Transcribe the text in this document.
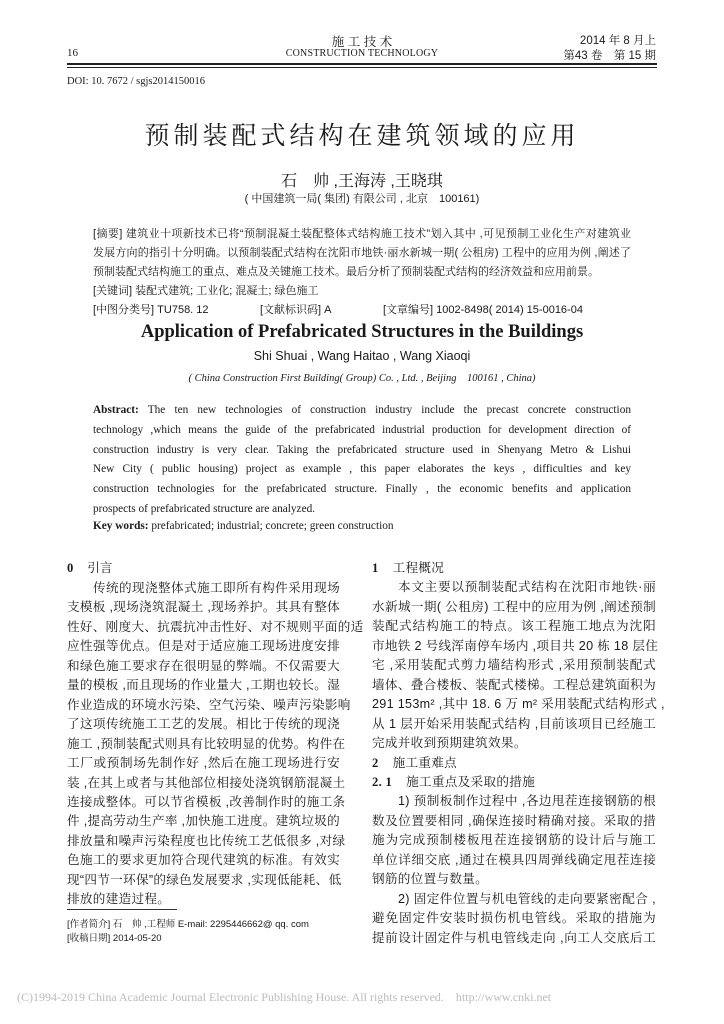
施 工 技 术
16	CONSTRUCTION TECHNOLOGY
2014 年 8 月上
第43 卷　第 15 期
DOI: 10. 7672 / sgjs2014150016
预制装配式结构在建筑领域的应用
石　帅 ,王海涛 ,王晓琪
( 中国建筑一局( 集团) 有限公司 , 北京　100161)
[摘要] 建筑业十项新技术已将“预制混凝土装配整体式结构施工技术”划入其中 ,可见预制工业化生产对建筑业
发展方向的指引十分明确。以预制装配式结构在沈阳市地铁·丽水新城一期( 公租房) 工程中的应用为例 ,阐述了
预制装配式结构施工的重点、难点及关键施工技术。最后分析了预制装配式结构的经济效益和应用前景。
[关键词] 装配式建筑; 工业化; 混凝土; 绿色施工
[中图分类号] TU758. 12	[文献标识码] A	[文章编号] 1002-8498( 2014) 15-0016-04
Application of Prefabricated Structures in the Buildings
Shi Shuai , Wang Haitao , Wang Xiaoqi
( China Construction First Building( Group) Co. , Ltd. , Beijing　100161 , China)
Abstract: The ten new technologies of construction industry include the precast concrete construction
technology ,which means the guide of the prefabricated industrial production for development direction of
construction industry is very clear. Taking the prefabricated structure used in Shenyang Metro & Lishui
New City ( public housing) project as example , this paper elaborates the keys , difficulties and key
construction technologies for the prefabricated structure. Finally , the economic benefits and application
prospects of prefabricated structure are analyzed.
Key words: prefabricated; industrial; concrete; green construction
0 引言
传统的现浇整体式施工即所有构件采用现场
支模板 ,现场浇筑混凝土 ,现场养护。其具有整体
性好、刚度大、抗震抗冲击性好、对不规则平面的适
应性强等优点。但是对于适应施工现场进度安排
和绿色施工要求存在很明显的弊端。不仅需要大
量的模板 ,而且现场的作业量大 ,工期也较长。湿
作业造成的环境水污染、空气污染、噪声污染影响
了这项传统施工工艺的发展。相比于传统的现浇
施工 ,预制装配式则具有比较明显的优势。构件在
工厂或预制场先制作好 ,然后在施工现场进行安
装 ,在其上或者与其他部位相接处浇筑钢筋混凝土
连接成整体。可以节省模板 ,改善制作时的施工条
件 ,提高劳动生产率 ,加快施工进度。建筑垃圾的
排放量和噪声污染程度也比传统工艺低很多 ,对绿
色施工的要求更加符合现代建筑的标准。有效实
现“四节一环保”的绿色发展要求 ,实现低能耗、低
排放的建造过程。
[作者简介] 石　帅 ,工程师 E-mail: 2295446662@ qq. com
[收稿日期] 2014-05-20
1 工程概况
本文主要以预制装配式结构在沈阳市地铁·丽
水新城一期( 公租房) 工程中的应用为例 ,阐述预制
装配式结构施工的特点。该工程施工地点为沈阳
市地铁 2 号线浑南停车场内 ,项目共 20 栋 18 层住
宅 ,采用装配式剪力墙结构形式 ,采用预制装配式
墙体、叠合楼板、装配式楼梯。工程总建筑面积为
291 153m² ,其中 18. 6 万 m² 采用装配式结构形式 ,
从 1 层开始采用装配式结构 ,目前该项目已经施工
完成并收到预期建筑效果。
2 施工重难点
2. 1 施工重点及采取的措施
1) 预制板制作过程中 ,各边甩茬连接钢筋的根
数及位置要相同 ,确保连接时精确对接。采取的措
施为完成预制楼板甩茬连接钢筋的设计后与施工
单位详细交底 ,通过在模具四周弹线确定甩茬连接
钢筋的位置与数量。
2) 固定件位置与机电管线的走向要紧密配合 ,
避免固定件安装时损伤机电管线。采取的措施为
提前设计固定件与机电管线走向 ,向工人交底后工
(C)1994-2019 China Academic Journal Electronic Publishing House. All rights reserved.    http://www.cnki.net
